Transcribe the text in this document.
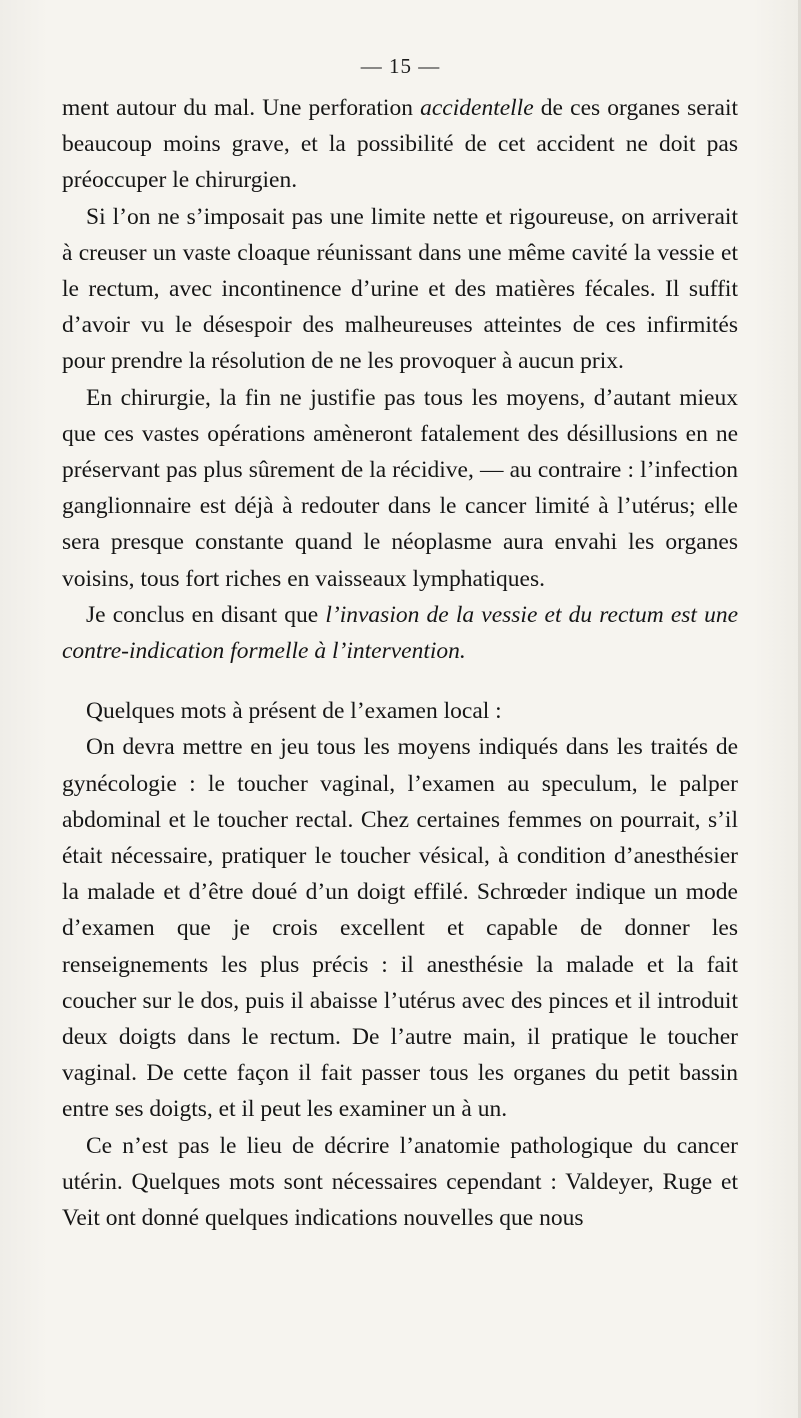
— 15 —

ment autour du mal. Une perforation accidentelle de ces organes serait beaucoup moins grave, et la possibilité de cet accident ne doit pas préoccuper le chirurgien.

Si l’on ne s’imposait pas une limite nette et rigoureuse, on arriverait à creuser un vaste cloaque réunissant dans une même cavité la vessie et le rectum, avec incontinence d’urine et des matières fécales. Il suffit d’avoir vu le désespoir des malheureuses atteintes de ces infirmités pour prendre la résolution de ne les provoquer à aucun prix.

En chirurgie, la fin ne justifie pas tous les moyens, d’autant mieux que ces vastes opérations amèneront fatalement des désillusions en ne préservant pas plus sûrement de la récidive, — au contraire : l’infection ganglionnaire est déjà à redouter dans le cancer limité à l’utérus; elle sera presque constante quand le néoplasme aura envahi les organes voisins, tous fort riches en vaisseaux lymphatiques.

Je conclus en disant que l’invasion de la vessie et du rectum est une contre-indication formelle à l’intervention.

Quelques mots à présent de l’examen local :

On devra mettre en jeu tous les moyens indiqués dans les traités de gynécologie : le toucher vaginal, l’examen au speculum, le palper abdominal et le toucher rectal. Chez certaines femmes on pourrait, s’il était nécessaire, pratiquer le toucher vésical, à condition d’anesthésier la malade et d’être doué d’un doigt effilé. Schrœder indique un mode d’examen que je crois excellent et capable de donner les renseignements les plus précis : il anesthésie la malade et la fait coucher sur le dos, puis il abaisse l’utérus avec des pinces et il introduit deux doigts dans le rectum. De l’autre main, il pratique le toucher vaginal. De cette façon il fait passer tous les organes du petit bassin entre ses doigts, et il peut les examiner un à un.

Ce n’est pas le lieu de décrire l’anatomie pathologique du cancer utérin. Quelques mots sont nécessaires cependant : Valdeyer, Ruge et Veit ont donné quelques indications nouvelles que nous
